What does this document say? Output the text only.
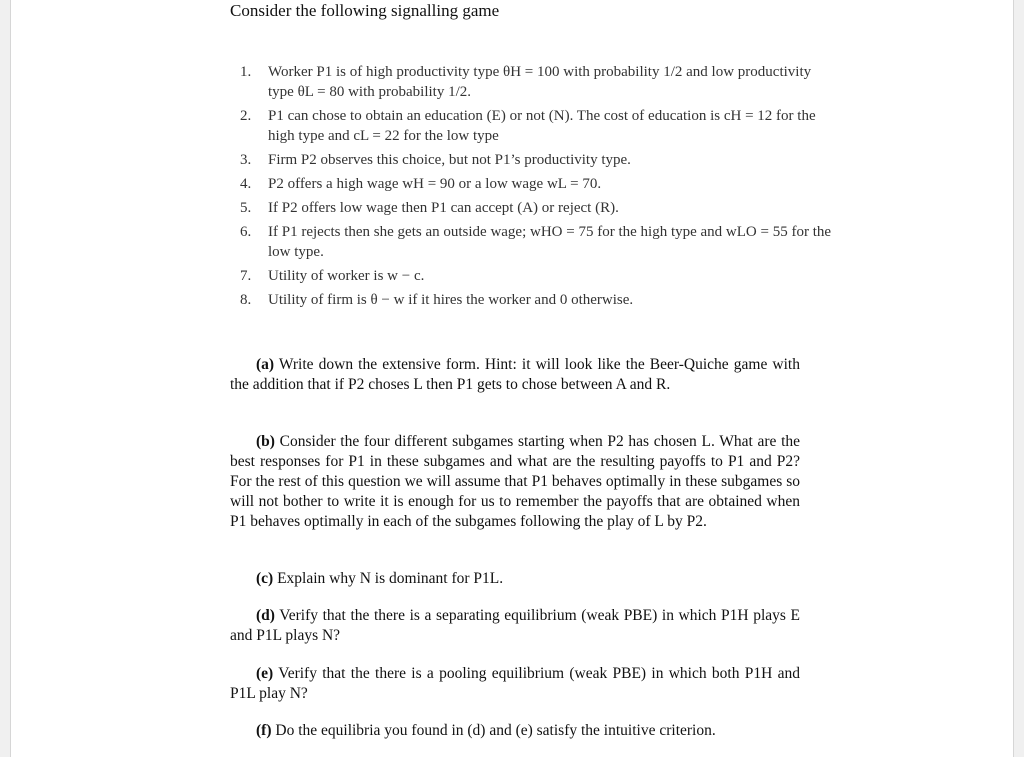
Consider the following signalling game
1.	Worker P1 is of high productivity type θH = 100 with probability 1/2 and low productivity type θL = 80 with probability 1/2.
2.	P1 can chose to obtain an education (E) or not (N). The cost of education is cH = 12 for the high type and cL = 22 for the low type
3.	Firm P2 observes this choice, but not P1’s productivity type.
4.	P2 offers a high wage wH = 90 or a low wage wL = 70.
5.	If P2 offers low wage then P1 can accept (A) or reject (R).
6.	If P1 rejects then she gets an outside wage; wHO = 75 for the high type and wLO = 55 for the low type.
7.	Utility of worker is w − c.
8.	Utility of firm is θ − w if it hires the worker and 0 otherwise.
(a) Write down the extensive form. Hint: it will look like the Beer-Quiche game with the addition that if P2 choses L then P1 gets to chose between A and R.
(b) Consider the four different subgames starting when P2 has chosen L. What are the best responses for P1 in these subgames and what are the resulting payoffs to P1 and P2? For the rest of this question we will assume that P1 behaves optimally in these subgames so will not bother to write it is enough for us to remember the payoffs that are obtained when P1 behaves optimally in each of the subgames following the play of L by P2.
(c) Explain why N is dominant for P1L.
(d) Verify that the there is a separating equilibrium (weak PBE) in which P1H plays E and P1L plays N?
(e) Verify that the there is a pooling equilibrium (weak PBE) in which both P1H and P1L play N?
(f) Do the equilibria you found in (d) and (e) satisfy the intuitive criterion.
